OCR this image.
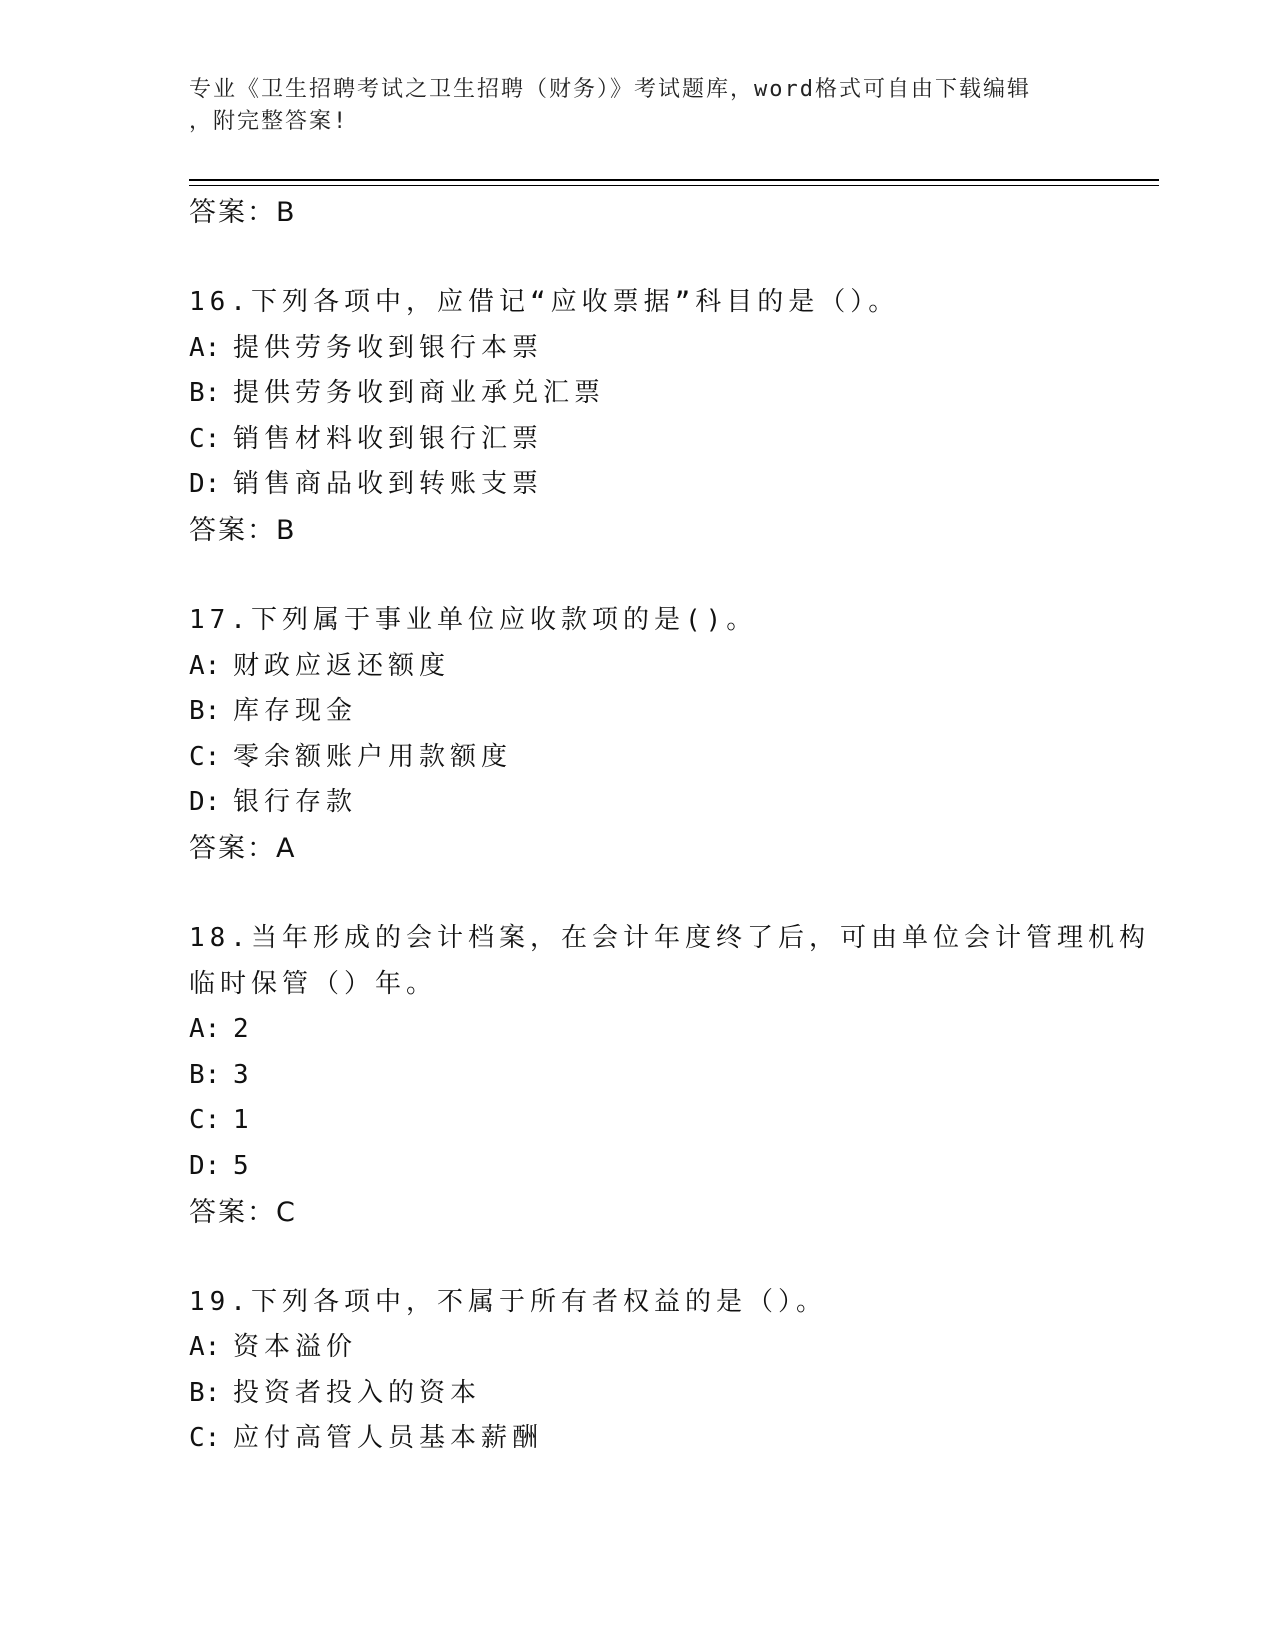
专业《卫生招聘考试之卫生招聘（财务）》考试题库，word格式可自由下载编辑
，附完整答案!
答案：B
16.下列各项中，应借记“应收票据”科目的是（）。
A: 提供劳务收到银行本票
B: 提供劳务收到商业承兑汇票
C: 销售材料收到银行汇票
D: 销售商品收到转账支票
答案：B
17.下列属于事业单位应收款项的是()。
A: 财政应返还额度
B: 库存现金
C: 零余额账户用款额度
D: 银行存款
答案：A
18.当年形成的会计档案，在会计年度终了后，可由单位会计管理机构
临时保管（）年。
A: 2
B: 3
C: 1
D: 5
答案：C
19.下列各项中，不属于所有者权益的是（）。
A: 资本溢价
B: 投资者投入的资本
C: 应付高管人员基本薪酬
